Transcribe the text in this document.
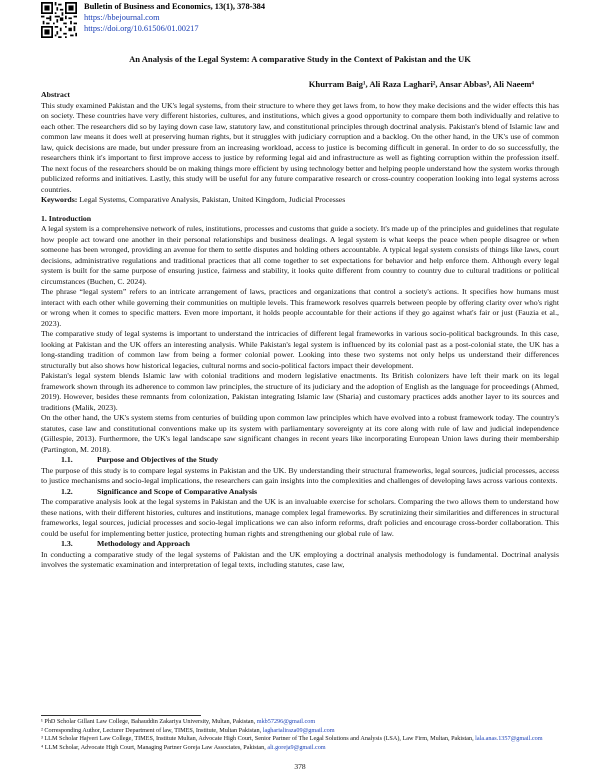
Bulletin of Business and Economics, 13(1), 378-384
https://bbejournal.com
https://doi.org/10.61506/01.00217
An Analysis of the Legal System: A comparative Study in the Context of Pakistan and the UK
Khurram Baig¹, Ali Raza Laghari², Ansar Abbas³, Ali Naeem⁴
Abstract

This study examined Pakistan and the UK's legal systems, from their structure to where they get laws from, to how they make decisions and the wider effects this has on society. These countries have very different histories, cultures, and institutions, which gives a good opportunity to compare them both individually and relative to each other. The researchers did so by laying down case law, statutory law, and constitutional principles through doctrinal analysis. Pakistan's blend of Islamic law and common law means it does well at preserving human rights, but it struggles with judiciary corruption and a backlog. On the other hand, in the UK's use of common law, quick decisions are made, but under pressure from an increasing workload, access to justice is becoming difficult in general. In order to do so successfully, the researchers think it's important to first improve access to justice by reforming legal aid and infrastructure as well as fighting corruption within the profession itself. The next focus of the researchers should be on making things more efficient by using technology better and helping people understand how the system works through publicized reforms and initiatives. Lastly, this study will be useful for any future comparative research or cross-country cooperation looking into legal systems across countries.

Keywords: Legal Systems, Comparative Analysis, Pakistan, United Kingdom, Judicial Processes

1. Introduction

A legal system is a comprehensive network of rules, institutions, processes and customs that guide a society. It's made up of the principles and guidelines that regulate how people act toward one another in their personal relationships and business dealings. A legal system is what keeps the peace when people disagree or when someone has been wronged, providing an avenue for them to settle disputes and holding others accountable. A typical legal system consists of things like laws, court decisions, administrative regulations and traditional practices that all come together to set expectations for behavior and help enforce them. Although every legal system is built for the same purpose of ensuring justice, fairness and stability, it looks quite different from country to country due to cultural traditions or political circumstances (Buchen, C. 2024).

The phrase “legal system” refers to an intricate arrangement of laws, practices and organizations that control a society's actions. It specifies how humans must interact with each other while governing their communities on multiple levels. This framework resolves quarrels between people by offering clarity over who's right or wrong when it comes to specific matters. Even more important, it holds people accountable for their actions if they go against what's fair or just (Fauzia et al., 2023).

The comparative study of legal systems is important to understand the intricacies of different legal frameworks in various socio-political backgrounds. In this case, looking at Pakistan and the UK offers an interesting analysis. While Pakistan's legal system is influenced by its colonial past as a post-colonial state, the UK has a long-standing tradition of common law from being a former colonial power. Looking into these two systems not only helps us understand their differences structurally but also shows how historical legacies, cultural norms and socio-political factors impact their development.

Pakistan's legal system blends Islamic law with colonial traditions and modern legislative enactments. Its British colonizers have left their mark on its legal framework shown through its adherence to common law principles, the structure of its judiciary and the adoption of English as the language for proceedings (Ahmed, 2019). However, besides these remnants from colonization, Pakistan integrating Islamic law (Sharia) and customary practices adds another layer to its sources and traditions (Malik, 2023).

On the other hand, the UK's system stems from centuries of building upon common law principles which have evolved into a robust framework today. The country's statutes, case law and constitutional conventions make up its system with parliamentary sovereignty at its core along with rule of law and judicial independence (Gillespie, 2013). Furthermore, the UK's legal landscape saw significant changes in recent years like incorporating European Union laws during their membership (Partington, M. 2018).

1.1.	Purpose and Objectives of the Study

The purpose of this study is to compare legal systems in Pakistan and the UK. By understanding their structural frameworks, legal sources, judicial processes, access to justice mechanisms and socio-legal implications, the researchers can gain insights into the complexities and challenges of developing laws across various contexts.

1.2.	Significance and Scope of Comparative Analysis

The comparative analysis look at the legal systems in Pakistan and the UK is an invaluable exercise for scholars. Comparing the two allows them to understand how these nations, with their different histories, cultures and institutions, manage complex legal frameworks. By scrutinizing their similarities and differences in structural frameworks, legal sources, judicial processes and socio-legal implications we can also inform reforms, draft policies and encourage cross-border collaboration. This could be useful for implementing better justice, protecting human rights and strengthening our global rule of law.

1.3.	Methodology and Approach

In conducting a comparative study of the legal systems of Pakistan and the UK employing a doctrinal analysis methodology is fundamental. Doctrinal analysis involves the systematic examination and interpretation of legal texts, including statutes, case law,

¹ PhD Scholar Gillani Law College, Bahauddin Zakariya University, Multan, Pakistan, mkb57296@gmail.com
² Corresponding Author, Lecturer Department of law, TIMES, Institute, Multan Pakistan, lagharialiraza09@gmail.com
³ LLM Scholar Hajveri Law College, TIMES, Institute Multan, Advocate High Court, Senior Partner of The Legal Solutions and Analysis (LSA), Law Firm, Multan, Pakistan, lala.anas.1357@gmail.com
⁴ LLM Scholar, Advocate High Court, Managing Partner Goreja Law Associates, Pakistan, ali.goreja9@gmail.com
378
